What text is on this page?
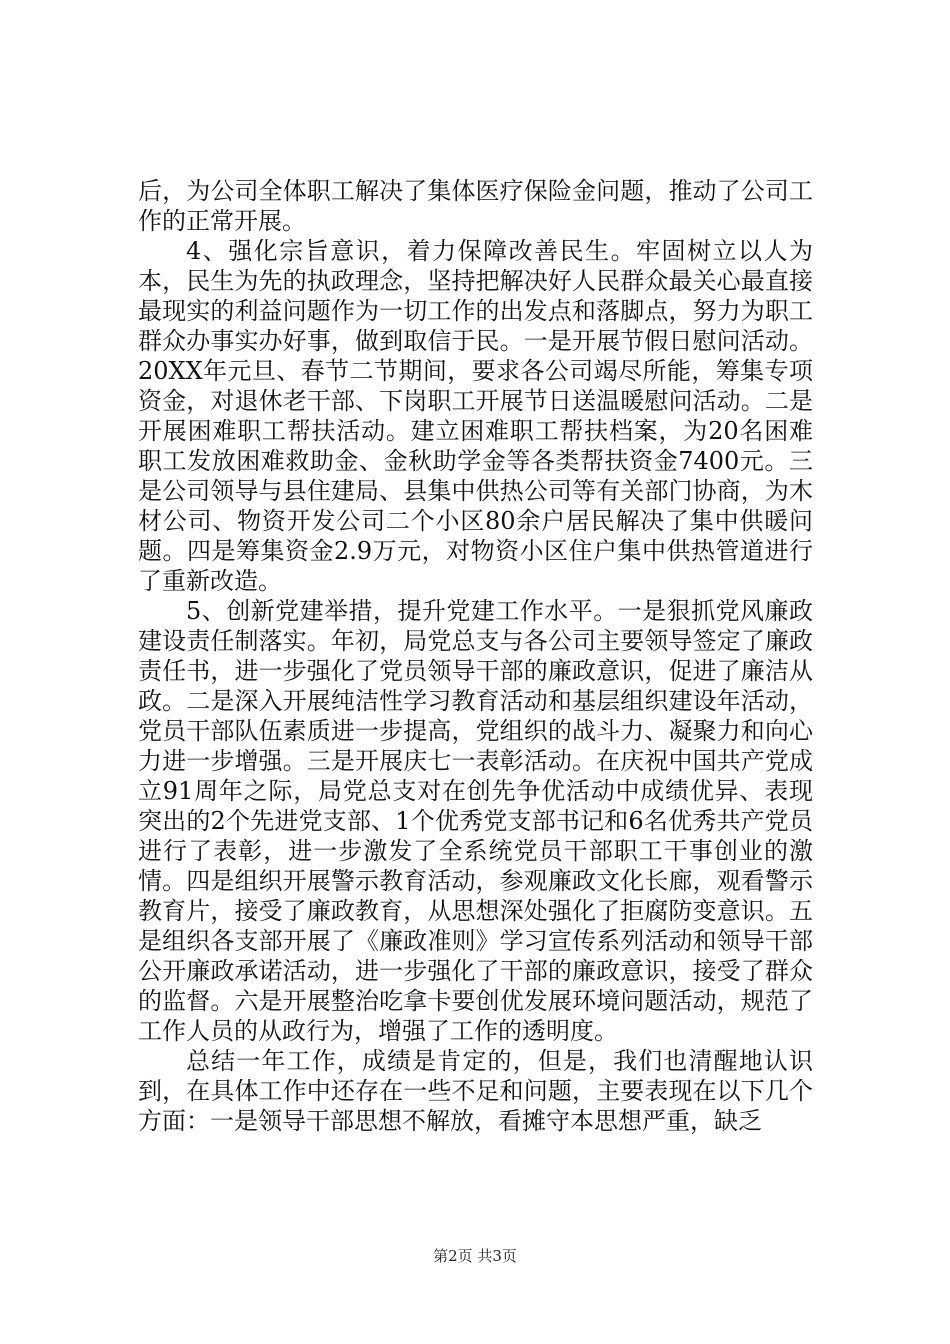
后，为公司全体职工解决了集体医疗保险金问题，推动了公司工作的正常开展。

4、强化宗旨意识，着力保障改善民生。牢固树立以人为本，民生为先的执政理念，坚持把解决好人民群众最关心最直接最现实的利益问题作为一切工作的出发点和落脚点，努力为职工群众办事实办好事，做到取信于民。一是开展节假日慰问活动。20XX年元旦、春节二节期间，要求各公司竭尽所能，筹集专项资金，对退休老干部、下岗职工开展节日送温暖慰问活动。二是开展困难职工帮扶活动。建立困难职工帮扶档案，为20名困难职工发放困难救助金、金秋助学金等各类帮扶资金7400元。三是公司领导与县住建局、县集中供热公司等有关部门协商，为木材公司、物资开发公司二个小区80余户居民解决了集中供暖问题。四是筹集资金2.9万元，对物资小区住户集中供热管道进行了重新改造。

5、创新党建举措，提升党建工作水平。一是狠抓党风廉政建设责任制落实。年初，局党总支与各公司主要领导签定了廉政责任书，进一步强化了党员领导干部的廉政意识，促进了廉洁从政。二是深入开展纯洁性学习教育活动和基层组织建设年活动，党员干部队伍素质进一步提高，党组织的战斗力、凝聚力和向心力进一步增强。三是开展庆七一表彰活动。在庆祝中国共产党成立91周年之际，局党总支对在创先争优活动中成绩优异、表现突出的2个先进党支部、1个优秀党支部书记和6名优秀共产党员进行了表彰，进一步激发了全系统党员干部职工干事创业的激情。四是组织开展警示教育活动，参观廉政文化长廊，观看警示教育片，接受了廉政教育，从思想深处强化了拒腐防变意识。五是组织各支部开展了《廉政准则》学习宣传系列活动和领导干部公开廉政承诺活动，进一步强化了干部的廉政意识，接受了群众的监督。六是开展整治吃拿卡要创优发展环境问题活动，规范了工作人员的从政行为，增强了工作的透明度。

总结一年工作，成绩是肯定的，但是，我们也清醒地认识到，在具体工作中还存在一些不足和问题，主要表现在以下几个方面：一是领导干部思想不解放，看摊守本思想严重，缺乏

第2页 共3页
